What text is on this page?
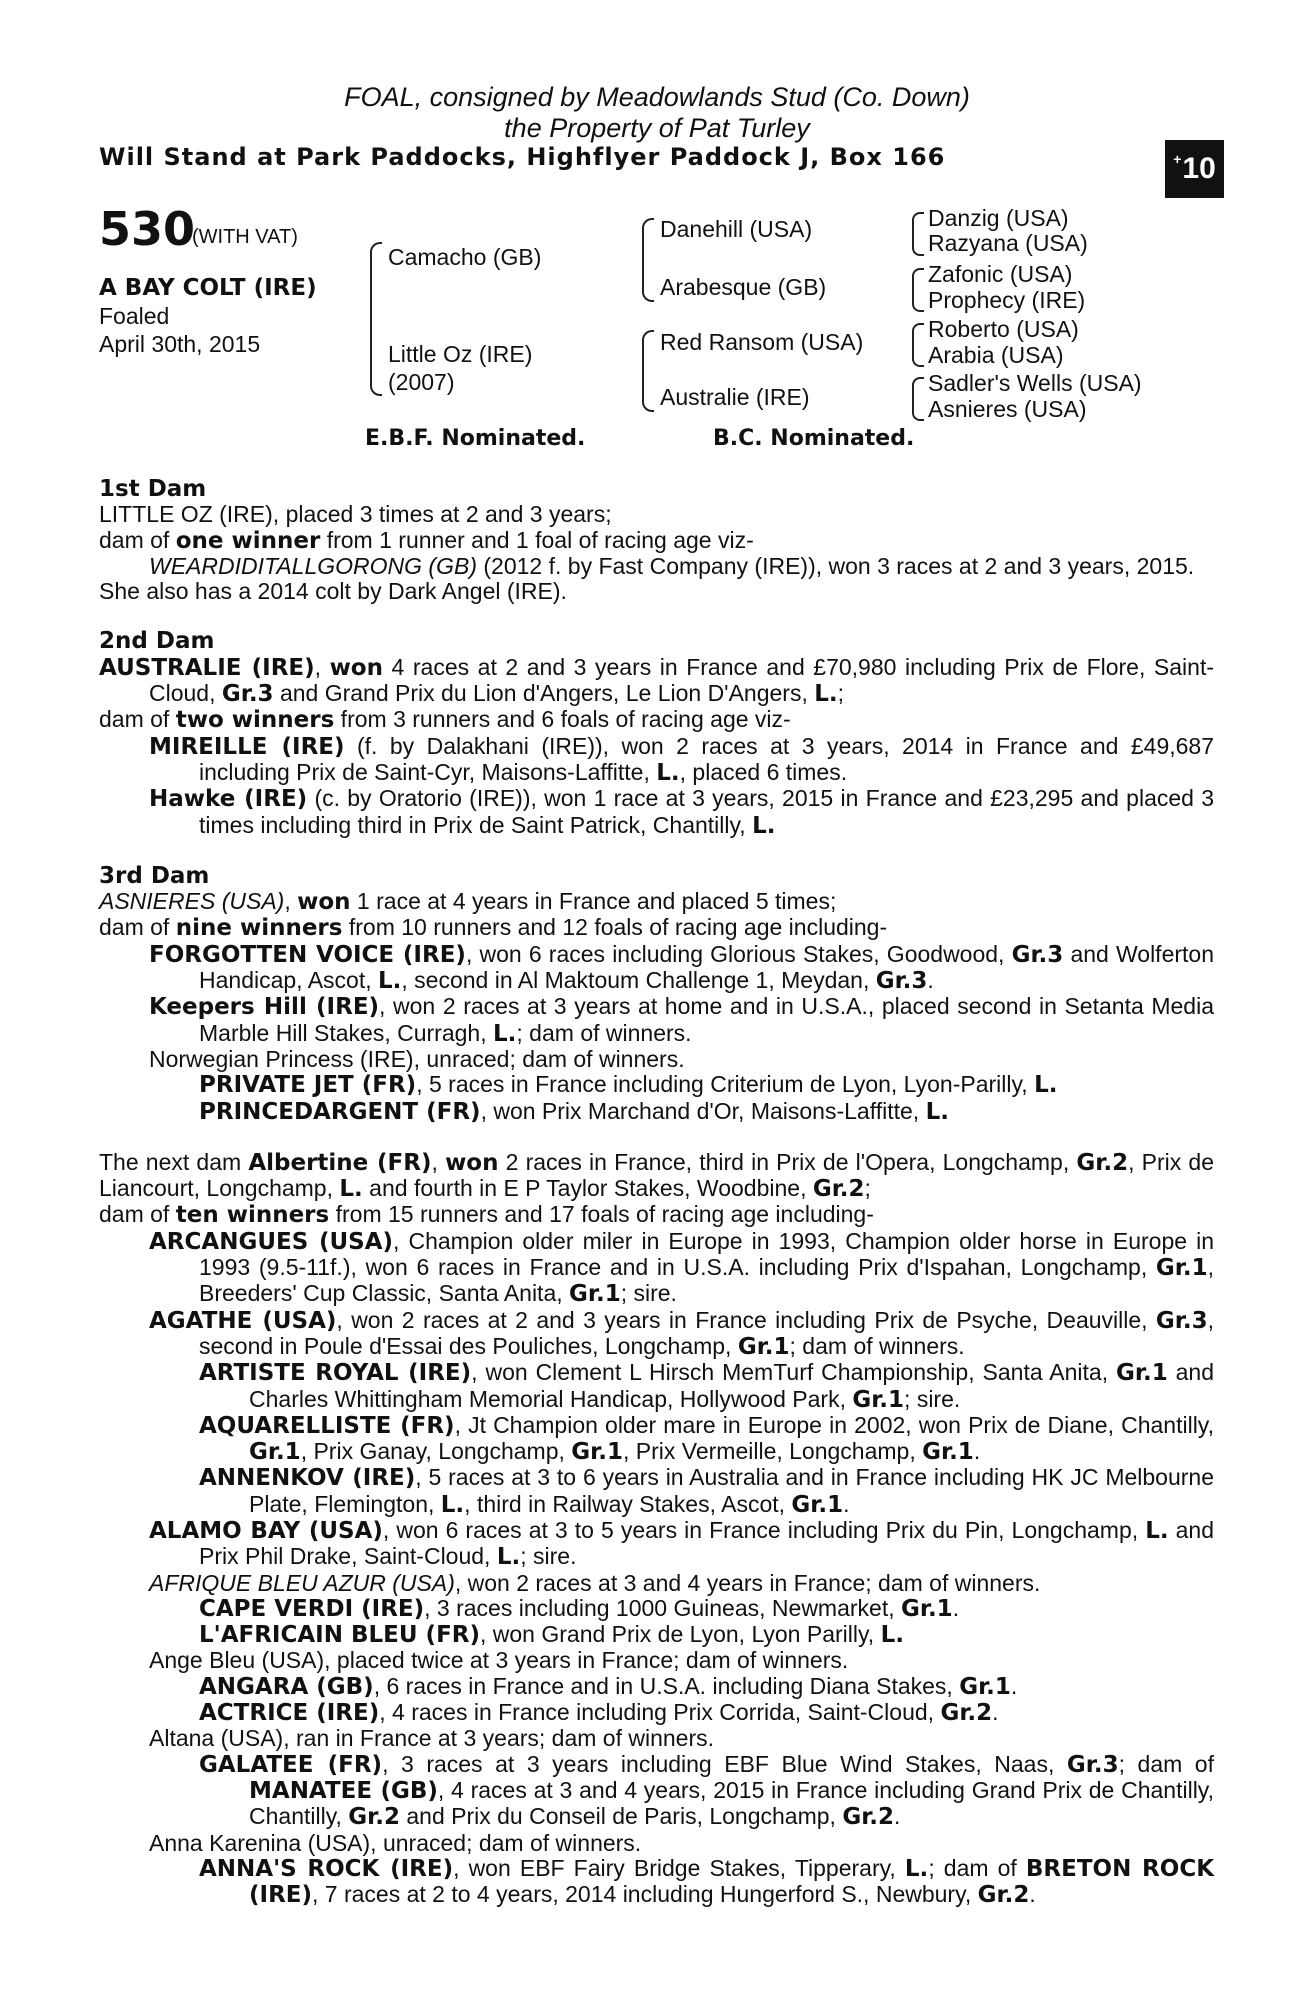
FOAL, consigned by Meadowlands Stud (Co. Down)
the Property of Pat Turley
Will Stand at Park Paddocks, Highflyer Paddock J, Box 166	+ 10
530
(WITH VAT)
A BAY COLT (IRE)
Foaled
April 30th, 2015
Camacho (GB)
Little Oz (IRE)
(2007)
Danehill (USA)
Arabesque (GB)
Red Ransom (USA)
Australie (IRE)
Danzig (USA)
Razyana (USA)
Zafonic (USA)
Prophecy (IRE)
Roberto (USA)
Arabia (USA)
Sadler's Wells (USA)
Asnieres (USA)
E.B.F. Nominated.	B.C. Nominated.
1st Dam
LITTLE OZ (IRE), placed 3 times at 2 and 3 years;
dam of one winner from 1 runner and 1 foal of racing age viz-
WEARDIDITALLGORONG (GB) (2012 f. by Fast Company (IRE)), won 3 races at 2 and 3 years, 2015.
She also has a 2014 colt by Dark Angel (IRE).
2nd Dam
AUSTRALIE (IRE), won 4 races at 2 and 3 years in France and £70,980 including Prix de Flore, Saint-Cloud, Gr.3 and Grand Prix du Lion d'Angers, Le Lion D'Angers, L.;
dam of two winners from 3 runners and 6 foals of racing age viz-
MIREILLE (IRE) (f. by Dalakhani (IRE)), won 2 races at 3 years, 2014 in France and £49,687 including Prix de Saint-Cyr, Maisons-Laffitte, L., placed 6 times.
Hawke (IRE) (c. by Oratorio (IRE)), won 1 race at 3 years, 2015 in France and £23,295 and placed 3 times including third in Prix de Saint Patrick, Chantilly, L.
3rd Dam
ASNIERES (USA), won 1 race at 4 years in France and placed 5 times;
dam of nine winners from 10 runners and 12 foals of racing age including-
FORGOTTEN VOICE (IRE), won 6 races including Glorious Stakes, Goodwood, Gr.3 and Wolferton Handicap, Ascot, L., second in Al Maktoum Challenge 1, Meydan, Gr.3.
Keepers Hill (IRE), won 2 races at 3 years at home and in U.S.A., placed second in Setanta Media Marble Hill Stakes, Curragh, L.; dam of winners.
Norwegian Princess (IRE), unraced; dam of winners.
PRIVATE JET (FR), 5 races in France including Criterium de Lyon, Lyon-Parilly, L.
PRINCEDARGENT (FR), won Prix Marchand d'Or, Maisons-Laffitte, L.
The next dam Albertine (FR), won 2 races in France, third in Prix de l'Opera, Longchamp, Gr.2, Prix de Liancourt, Longchamp, L. and fourth in E P Taylor Stakes, Woodbine, Gr.2;
dam of ten winners from 15 runners and 17 foals of racing age including-
ARCANGUES (USA), Champion older miler in Europe in 1993, Champion older horse in Europe in 1993 (9.5-11f.), won 6 races in France and in U.S.A. including Prix d'Ispahan, Longchamp, Gr.1, Breeders' Cup Classic, Santa Anita, Gr.1; sire.
AGATHE (USA), won 2 races at 2 and 3 years in France including Prix de Psyche, Deauville, Gr.3, second in Poule d'Essai des Pouliches, Longchamp, Gr.1; dam of winners.
ARTISTE ROYAL (IRE), won Clement L Hirsch MemTurf Championship, Santa Anita, Gr.1 and Charles Whittingham Memorial Handicap, Hollywood Park, Gr.1; sire.
AQUARELLISTE (FR), Jt Champion older mare in Europe in 2002, won Prix de Diane, Chantilly, Gr.1, Prix Ganay, Longchamp, Gr.1, Prix Vermeille, Longchamp, Gr.1.
ANNENKOV (IRE), 5 races at 3 to 6 years in Australia and in France including HK JC Melbourne Plate, Flemington, L., third in Railway Stakes, Ascot, Gr.1.
ALAMO BAY (USA), won 6 races at 3 to 5 years in France including Prix du Pin, Longchamp, L. and Prix Phil Drake, Saint-Cloud, L.; sire.
AFRIQUE BLEU AZUR (USA), won 2 races at 3 and 4 years in France; dam of winners.
CAPE VERDI (IRE), 3 races including 1000 Guineas, Newmarket, Gr.1.
L'AFRICAIN BLEU (FR), won Grand Prix de Lyon, Lyon Parilly, L.
Ange Bleu (USA), placed twice at 3 years in France; dam of winners.
ANGARA (GB), 6 races in France and in U.S.A. including Diana Stakes, Gr.1.
ACTRICE (IRE), 4 races in France including Prix Corrida, Saint-Cloud, Gr.2.
Altana (USA), ran in France at 3 years; dam of winners.
GALATEE (FR), 3 races at 3 years including EBF Blue Wind Stakes, Naas, Gr.3; dam of MANATEE (GB), 4 races at 3 and 4 years, 2015 in France including Grand Prix de Chantilly, Chantilly, Gr.2 and Prix du Conseil de Paris, Longchamp, Gr.2.
Anna Karenina (USA), unraced; dam of winners.
ANNA'S ROCK (IRE), won EBF Fairy Bridge Stakes, Tipperary, L.; dam of BRETON ROCK (IRE), 7 races at 2 to 4 years, 2014 including Hungerford S., Newbury, Gr.2.
